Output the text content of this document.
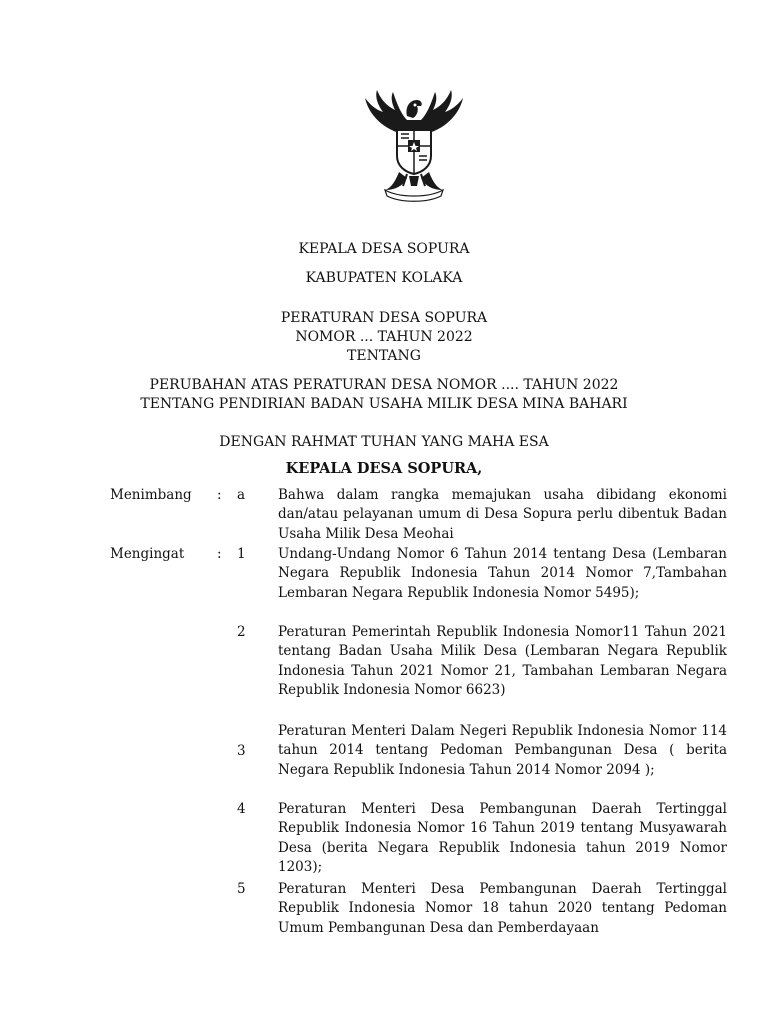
KEPALA DESA SOPURA
KABUPATEN KOLAKA
PERATURAN DESA SOPURA
NOMOR ... TAHUN 2022
TENTANG
PERUBAHAN ATAS PERATURAN DESA NOMOR .... TAHUN 2022
TENTANG PENDIRIAN BADAN USAHA MILIK DESA MINA BAHARI
DENGAN RAHMAT TUHAN YANG MAHA ESA
KEPALA DESA SOPURA,
Menimbang : a Bahwa dalam rangka memajukan usaha dibidang ekonomi dan/atau pelayanan umum di Desa Sopura perlu dibentuk Badan Usaha Milik Desa Meohai
Mengingat : 1 Undang-Undang Nomor 6 Tahun 2014 tentang Desa (Lembaran Negara Republik Indonesia Tahun 2014 Nomor 7,Tambahan Lembaran Negara Republik Indonesia Nomor 5495);
2 Peraturan Pemerintah Republik Indonesia Nomor11 Tahun 2021 tentang Badan Usaha Milik Desa (Lembaran Negara Republik Indonesia Tahun 2021 Nomor 21, Tambahan Lembaran Negara Republik Indonesia Nomor 6623)
3
Peraturan Menteri Dalam Negeri Republik Indonesia Nomor 114 tahun 2014 tentang Pedoman Pembangunan Desa ( berita Negara Republik Indonesia Tahun 2014 Nomor 2094 );
4 Peraturan Menteri Desa Pembangunan Daerah Tertinggal Republik Indonesia Nomor 16 Tahun 2019 tentang Musyawarah Desa (berita Negara Republik Indonesia tahun 2019 Nomor 1203);
5 Peraturan Menteri Desa Pembangunan Daerah Tertinggal Republik Indonesia Nomor 18 tahun 2020 tentang Pedoman Umum Pembangunan Desa dan Pemberdayaan
